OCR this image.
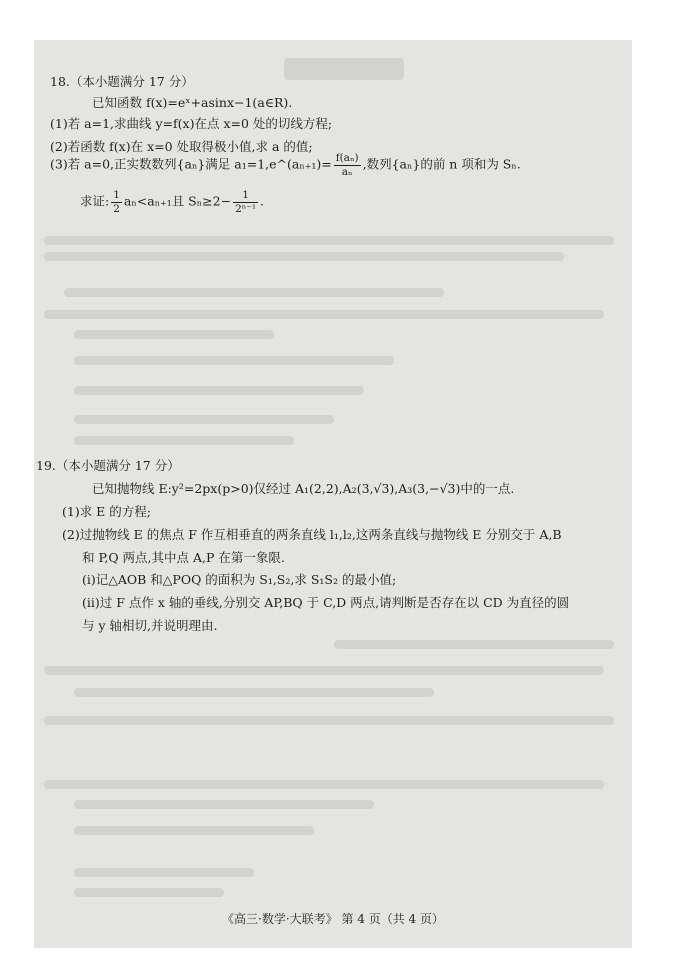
18.（本小题满分 17 分）
已知函数 f(x)=eˣ+asinx−1(a∈R).
(1)若 a=1,求曲线 y=f(x)在点 x=0 处的切线方程;
(2)若函数 f(x)在 x=0 处取得极小值,求 a 的值;
(3)若 a=0,正实数数列{aₙ}满足 a₁=1,e^(aₙ₊₁)= $\frac{\text{f(aₙ)}}{\text{aₙ}}$ ,数列{aₙ}的前 n 项和为 Sₙ.
求证: $\frac{1}{2} a_n<a_{n+1}$且 $S_n\ge 2- \frac{1}{\text{2ⁿ⁻¹}}$ .
19.（本小题满分 17 分）
已知抛物线 E:y²=2px(p>0)仅经过 A₁(2,2),A₂(3,√3),A₃(3,−√3)中的一点.
(1)求 E 的方程;
(2)过抛物线 E 的焦点 F 作互相垂直的两条直线 l₁,l₂,这两条直线与抛物线 E 分别交于 A,B
和 P,Q 两点,其中点 A,P 在第一象限.
(ⅰ)记△AOB 和△POQ 的面积为 S₁,S₂,求 S₁S₂ 的最小值;
(ⅱ)过 F 点作 x 轴的垂线,分别交 AP,BQ 于 C,D 两点,请判断是否存在以 CD 为直径的圆
与 y 轴相切,并说明理由.
《高三·数学·大联考》 第 4 页（共 4 页）
